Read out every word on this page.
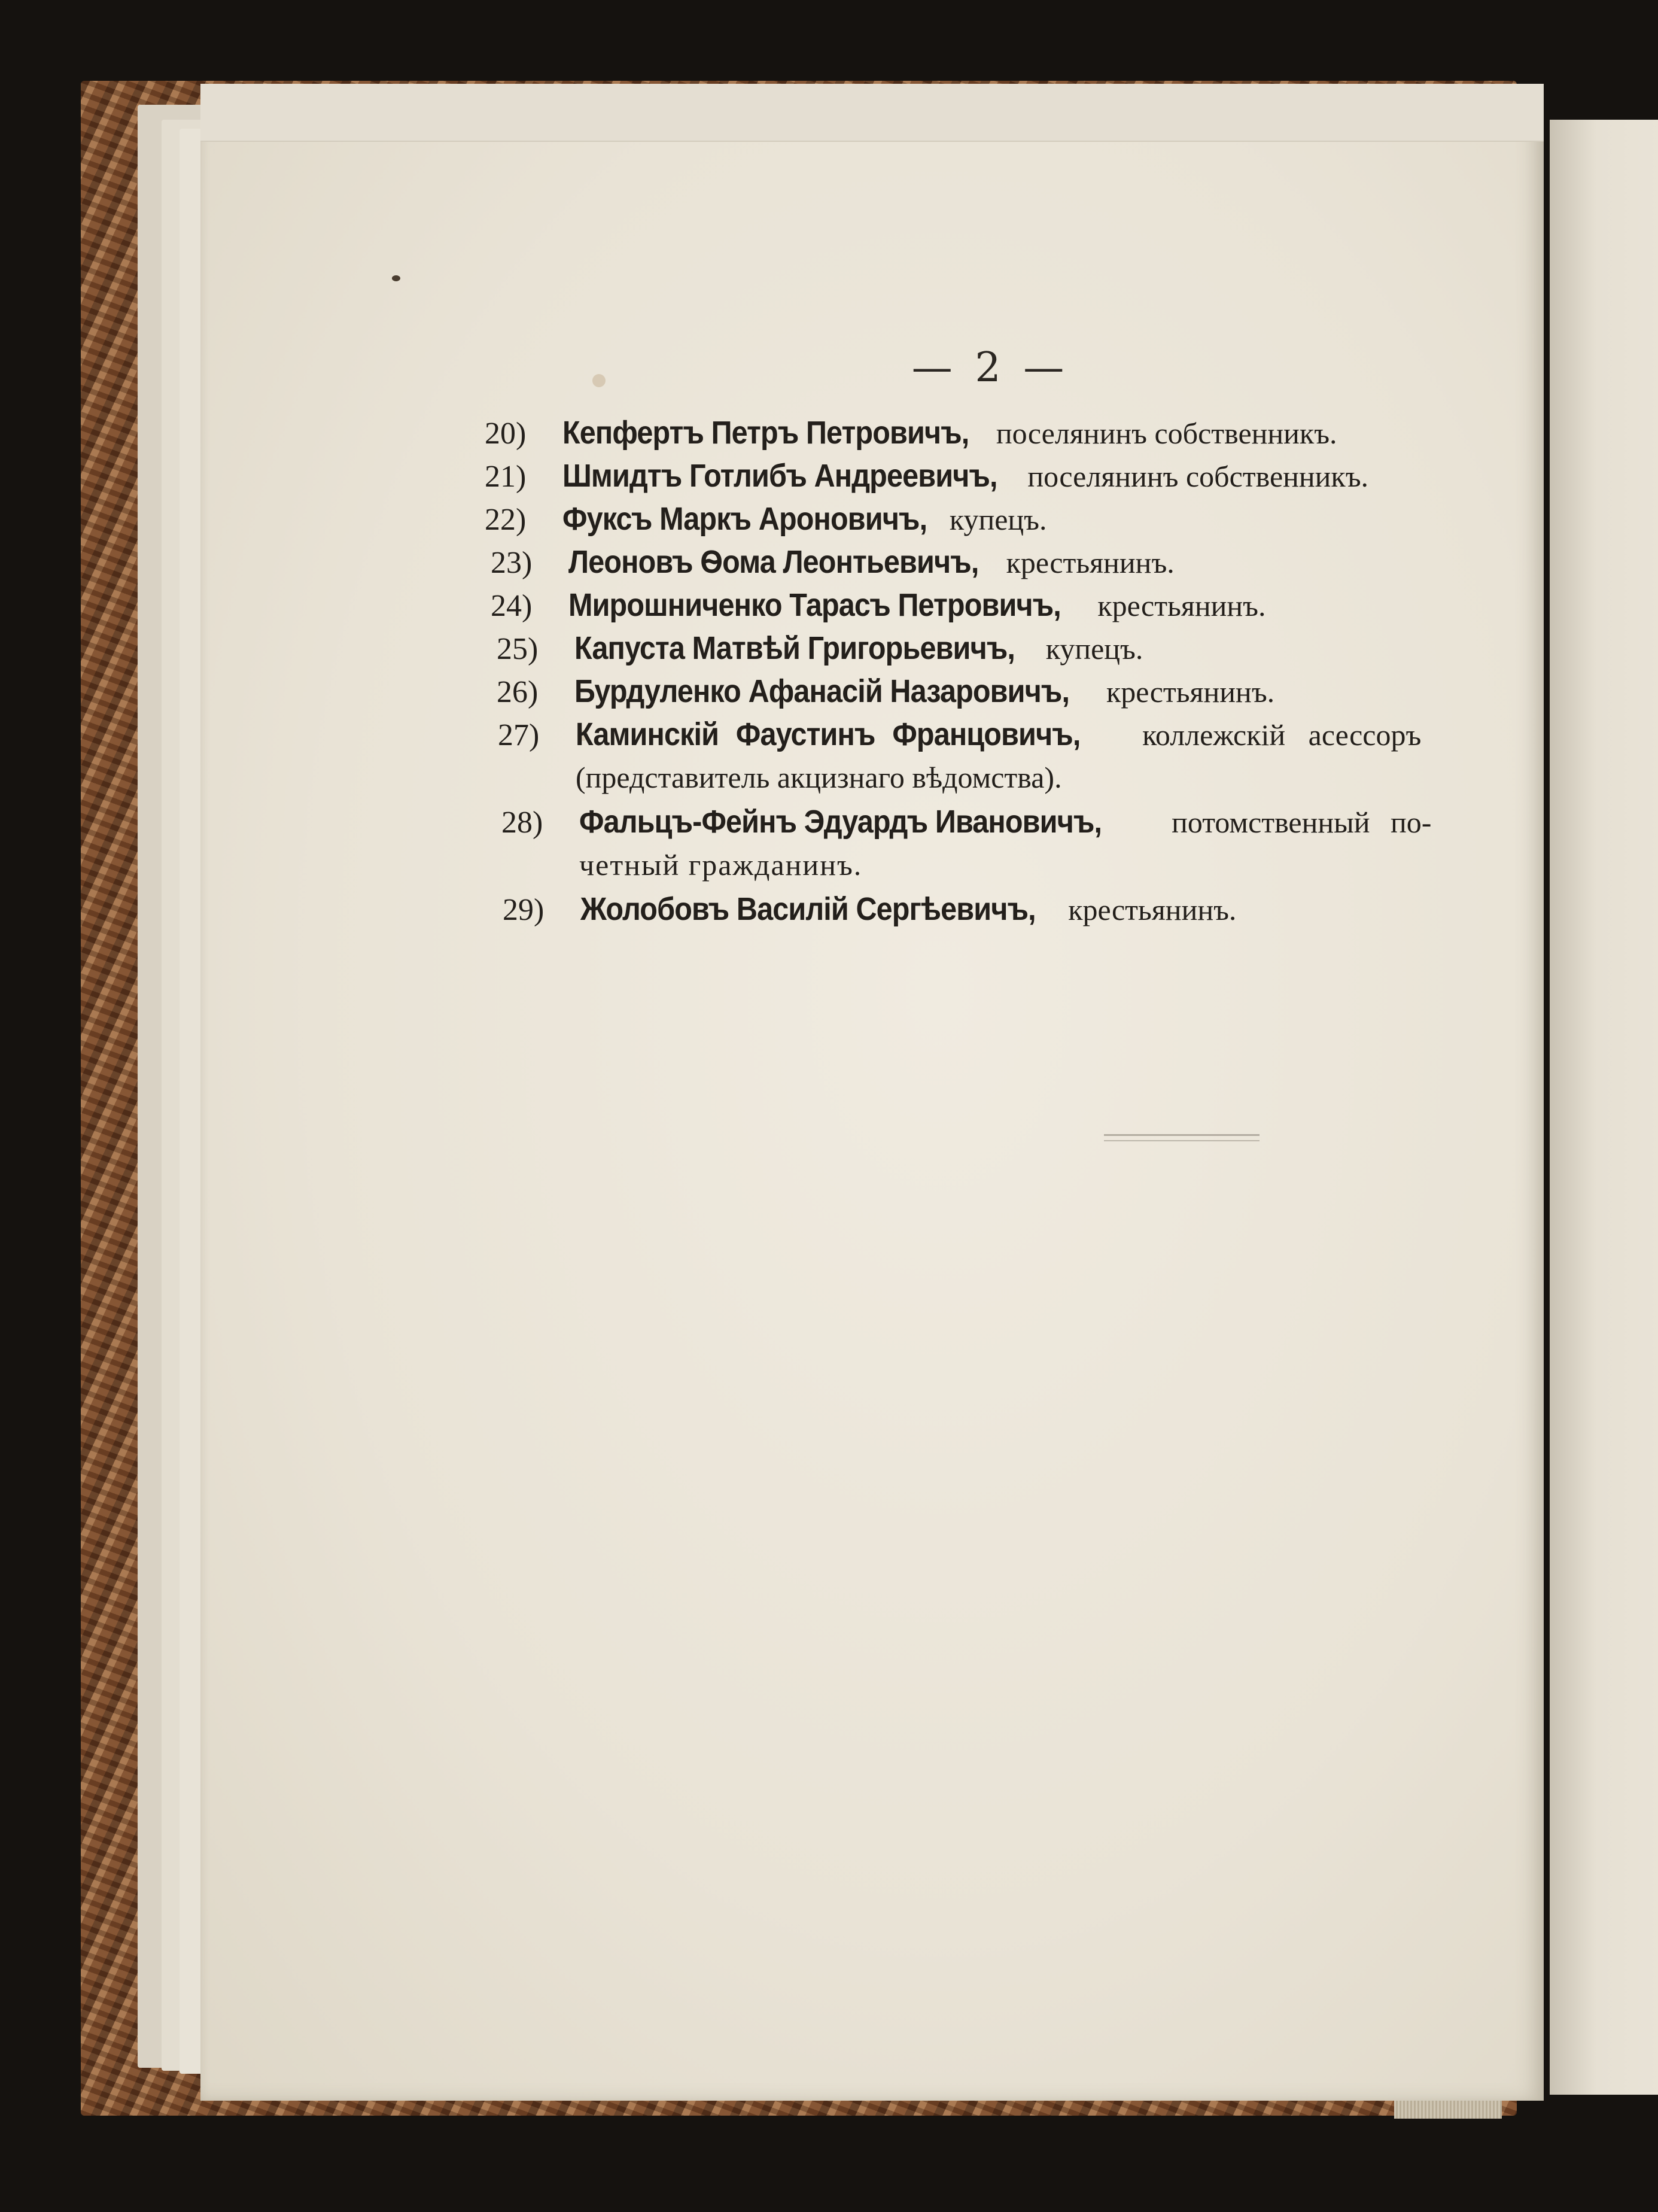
— 2 —
20)	Кепфертъ Петръ Петровичъ, поселянинъ собственникъ.
21)	Шмидтъ Готлибъ Андреевичъ, поселянинъ собственникъ.
22)	Фуксъ Маркъ Ароновичъ, купецъ.
23)	Леоновъ Ѳома Леонтьевичъ, крестьянинъ.
24)	Мирошниченко Тарасъ Петровичъ, крестьянинъ.
25)	Капуста Матвѣй Григорьевичъ, купецъ.
26)	Бурдуленко Афанасій Назаровичъ, крестьянинъ.
27)	Каминскій Фаустинъ Францовичъ, коллежскій асессоръ
(представитель акцизнаго вѣдомства).
28)	Фальцъ-Фейнъ Эдуардъ Ивановичъ, потомственный по-
четный гражданинъ.
29)	Жолобовъ Василій Сергѣевичъ, крестьянинъ.
